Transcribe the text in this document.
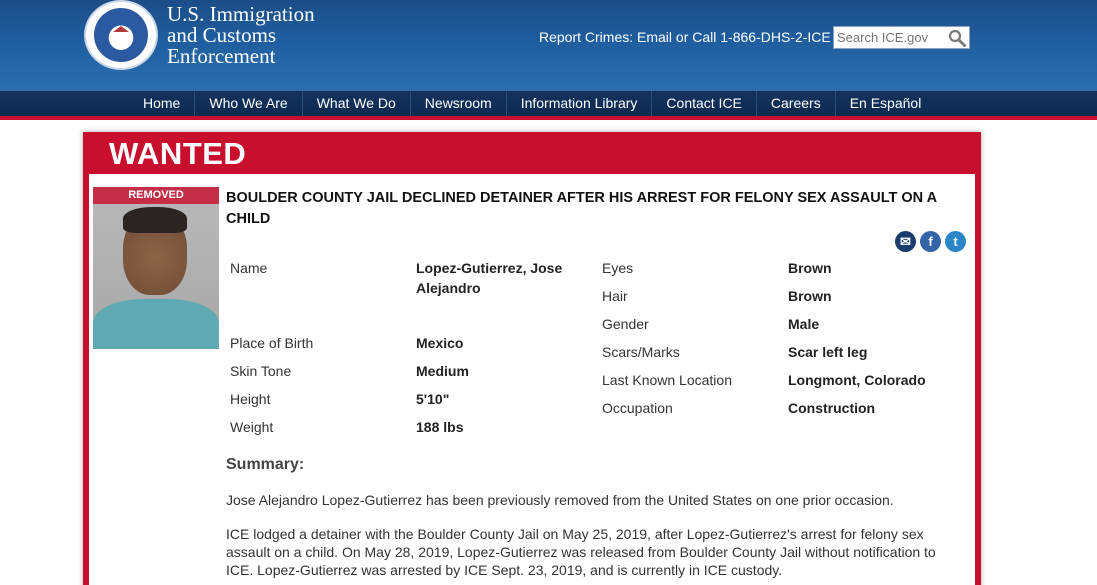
U.S. Immigration
and Customs
Enforcement
Report Crimes: Email or Call 1-866-DHS-2-ICE
Search ICE.gov
Home	Who We Are	What We Do	Newsroom	Information Library	Contact ICE	Careers	En Español
WANTED
REMOVED	BOULDER COUNTY JAIL DECLINED DETAINER AFTER HIS ARREST FOR FELONY SEX ASSAULT ON A CHILD
✉	f	t
Name	Lopez-Gutierrez, Jose Alejandro
Place of Birth	Mexico
Skin Tone	Medium
Height	5'10"
Weight	188 lbs
Eyes	Brown
Hair	Brown
Gender	Male
Scars/Marks	Scar left leg
Last Known Location	Longmont, Colorado
Occupation	Construction
Summary:
Jose Alejandro Lopez-Gutierrez has been previously removed from the United States on one prior occasion.
ICE lodged a detainer with the Boulder County Jail on May 25, 2019, after Lopez-Gutierrez's arrest for felony sex assault on a child. On May 28, 2019, Lopez-Gutierrez was released from Boulder County Jail without notification to ICE. Lopez-Gutierrez was arrested by ICE Sept. 23, 2019, and is currently in ICE custody.
